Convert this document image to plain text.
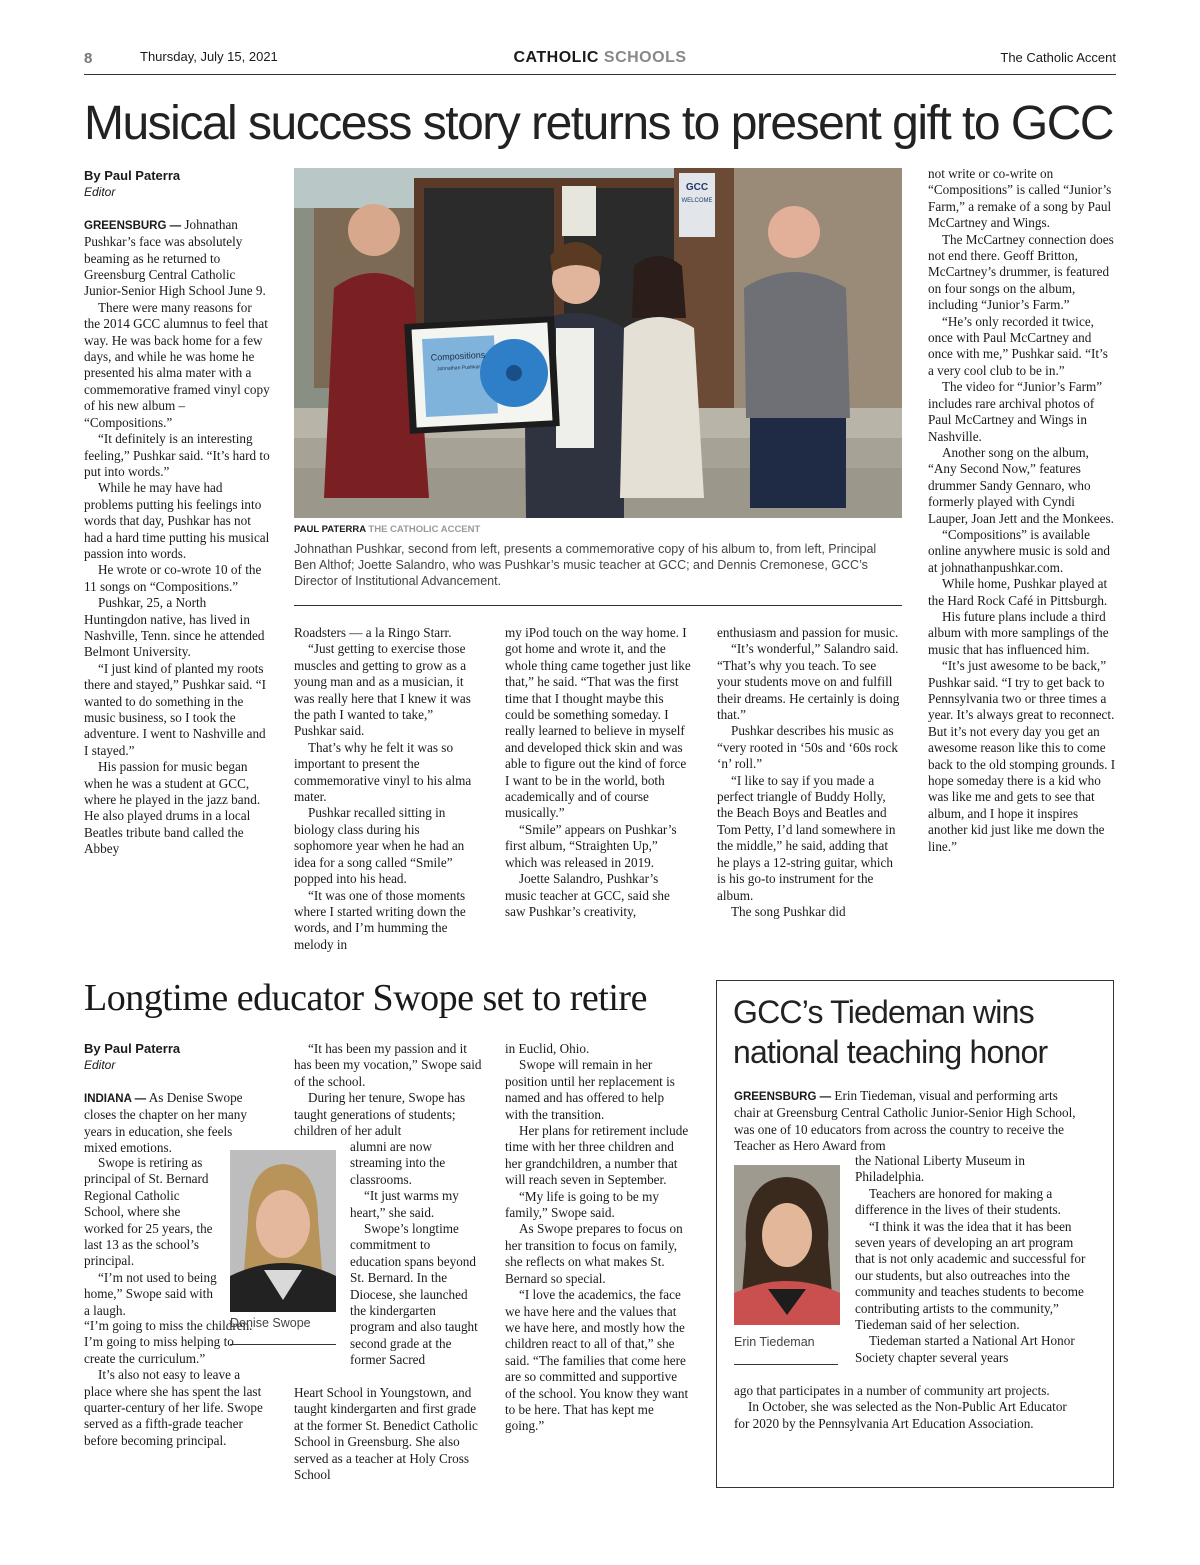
8	Thursday, July 15, 2021	CATHOLIC SCHOOLS	The Catholic Accent
Musical success story returns to present gift to GCC
By Paul Paterra
Editor

GREENSBURG — Johnathan Pushkar’s face was absolutely beaming as he returned to Greensburg Central Catholic Junior-Senior High School June 9.

There were many reasons for the 2014 GCC alumnus to feel that way. He was back home for a few days, and while he was home he presented his alma mater with a commemorative framed vinyl copy of his new album – “Compositions.”

“It definitely is an interesting feeling,” Pushkar said. “It’s hard to put into words.”

While he may have had problems putting his feelings into words that day, Pushkar has not had a hard time putting his musical passion into words.

He wrote or co-wrote 10 of the 11 songs on “Compositions.”

Pushkar, 25, a North Huntingdon native, has lived in Nashville, Tenn. since he attended Belmont University.

“I just kind of planted my roots there and stayed,” Pushkar said. “I wanted to do something in the music business, so I took the adventure. I went to Nashville and I stayed.”

His passion for music began when he was a student at GCC, where he played in the jazz band. He also played drums in a local Beatles tribute band called the Abbey

GCC
WELCOME
Compositions
Johnathan Pushkar
PAUL PATERRA THE CATHOLIC ACCENT
Johnathan Pushkar, second from left, presents a commemorative copy of his album to, from left, Principal Ben Althof; Joette Salandro, who was Pushkar’s music teacher at GCC; and Dennis Cremonese, GCC’s Director of Institutional Advancement.

Roadsters — a la Ringo Starr.

“Just getting to exercise those muscles and getting to grow as a young man and as a musician, it was really here that I knew it was the path I wanted to take,” Pushkar said.

That’s why he felt it was so important to present the commemorative vinyl to his alma mater.

Pushkar recalled sitting in biology class during his sophomore year when he had an idea for a song called “Smile” popped into his head.

“It was one of those moments where I started writing down the words, and I’m humming the melody in

my iPod touch on the way home. I got home and wrote it, and the whole thing came together just like that,” he said. “That was the first time that I thought maybe this could be something someday. I really learned to believe in myself and developed thick skin and was able to figure out the kind of force I want to be in the world, both academically and of course musically.”

“Smile” appears on Pushkar’s first album, “Straighten Up,” which was released in 2019.

Joette Salandro, Pushkar’s music teacher at GCC, said she saw Pushkar’s creativity,

enthusiasm and passion for music.

“It’s wonderful,” Salandro said. “That’s why you teach. To see your students move on and fulfill their dreams. He certainly is doing that.”

Pushkar describes his music as “very rooted in ‘50s and ‘60s rock ‘n’ roll.”

“I like to say if you made a perfect triangle of Buddy Holly, the Beach Boys and Beatles and Tom Petty, I’d land somewhere in the middle,” he said, adding that he plays a 12-string guitar, which is his go-to instrument for the album.

The song Pushkar did

not write or co-write on “Compositions” is called “Junior’s Farm,” a remake of a song by Paul McCartney and Wings.

The McCartney connection does not end there. Geoff Britton, McCartney’s drummer, is featured on four songs on the album, including “Junior’s Farm.”

“He’s only recorded it twice, once with Paul McCartney and once with me,” Pushkar said. “It’s a very cool club to be in.”

The video for “Junior’s Farm” includes rare archival photos of Paul McCartney and Wings in Nashville.

Another song on the album, “Any Second Now,” features drummer Sandy Gennaro, who formerly played with Cyndi Lauper, Joan Jett and the Monkees.

“Compositions” is available online anywhere music is sold and at johnathanpushkar.com.

While home, Pushkar played at the Hard Rock Café in Pittsburgh.

His future plans include a third album with more samplings of the music that has influenced him.

“It’s just awesome to be back,” Pushkar said. “I try to get back to Pennsylvania two or three times a year. It’s always great to reconnect. But it’s not every day you get an awesome reason like this to come back to the old stomping grounds. I hope someday there is a kid who was like me and gets to see that album, and I hope it inspires another kid just like me down the line.”

Longtime educator Swope set to retire
By Paul Paterra
Editor

INDIANA — As Denise Swope closes the chapter on her many years in education, she feels mixed emotions.

Swope is retiring as principal of St. Bernard Regional Catholic School, where she worked for 25 years, the last 13 as the school’s principal.

“I’m not used to being home,” Swope said with a laugh.

“I’m going to miss the children. I’m going to miss helping to create the curriculum.”

It’s also not easy to leave a place where she has spent the last quarter-century of her life. Swope served as a fifth-grade teacher before becoming principal.

Denise Swope

“It has been my passion and it has been my vocation,” Swope said of the school.

During her tenure, Swope has taught generations of students; children of her adult

alumni are now streaming into the classrooms.

“It just warms my heart,” she said.

Swope’s longtime commitment to education spans beyond St. Bernard. In the Diocese, she launched the kindergarten program and also taught second grade at the former Sacred

Heart School in Youngstown, and taught kindergarten and first grade at the former St. Benedict Catholic School in Greensburg. She also served as a teacher at Holy Cross School

in Euclid, Ohio.

Swope will remain in her position until her replacement is named and has offered to help with the transition.

Her plans for retirement include time with her three children and her grandchildren, a number that will reach seven in September.

“My life is going to be my family,” Swope said.

As Swope prepares to focus on her transition to focus on family, she reflects on what makes St. Bernard so special.

“I love the academics, the face we have here and the values that we have here, and mostly how the children react to all of that,” she said. “The families that come here are so committed and supportive of the school. You know they want to be here. That has kept me going.”

GCC’s Tiedeman wins national teaching honor

GREENSBURG — Erin Tiedeman, visual and performing arts chair at Greensburg Central Catholic Junior-Senior High School, was one of 10 educators from across the country to receive the Teacher as Hero Award from

Erin Tiedeman

the National Liberty Museum in Philadelphia.

Teachers are honored for making a difference in the lives of their students.

“I think it was the idea that it has been seven years of developing an art program that is not only academic and successful for our students, but also outreaches into the community and teaches students to become contributing artists to the community,” Tiedeman said of her selection.

Tiedeman started a National Art Honor Society chapter several years

ago that participates in a number of community art projects.

In October, she was selected as the Non-Public Art Educator for 2020 by the Pennsylvania Art Education Association.
